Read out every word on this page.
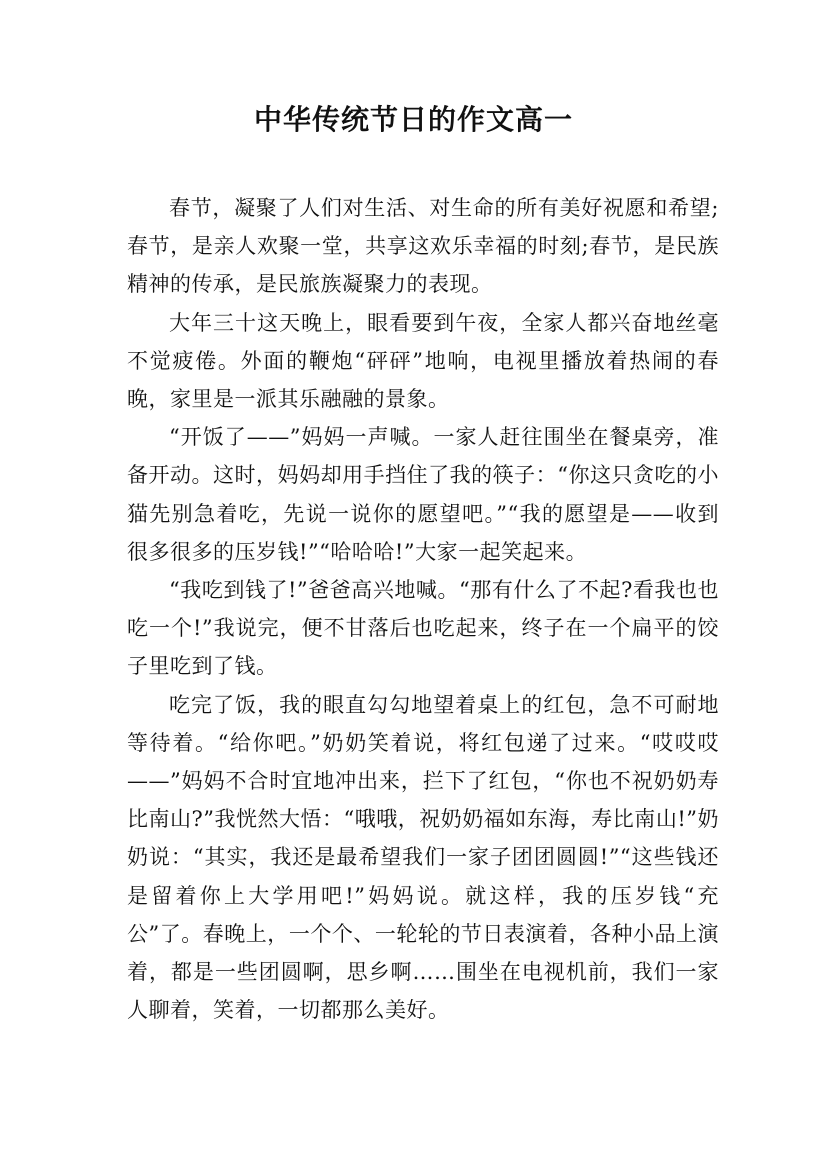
中华传统节日的作文高一

春节，凝聚了人们对生活、对生命的所有美好祝愿和希望;春节，是亲人欢聚一堂，共享这欢乐幸福的时刻;春节，是民族精神的传承，是民旅族凝聚力的表现。

大年三十这天晚上，眼看要到午夜，全家人都兴奋地丝毫不觉疲倦。外面的鞭炮“砰砰”地响，电视里播放着热闹的春晚，家里是一派其乐融融的景象。

“开饭了——”妈妈一声喊。一家人赶往围坐在餐桌旁，准备开动。这时，妈妈却用手挡住了我的筷子：“你这只贪吃的小猫先别急着吃，先说一说你的愿望吧。”“我的愿望是——收到很多很多的压岁钱!”“哈哈哈!”大家一起笑起来。

“我吃到钱了!”爸爸高兴地喊。“那有什么了不起?看我也也吃一个!”我说完，便不甘落后也吃起来，终子在一个扁平的饺子里吃到了钱。

吃完了饭，我的眼直勾勾地望着桌上的红包，急不可耐地等待着。“给你吧。”奶奶笑着说，将红包递了过来。“哎哎哎——”妈妈不合时宜地冲出来，拦下了红包，“你也不祝奶奶寿比南山?”我恍然大悟：“哦哦，祝奶奶福如东海，寿比南山!”奶奶说：“其实，我还是最希望我们一家子团团圆圆!”“这些钱还是留着你上大学用吧!”妈妈说。就这样，我的压岁钱“充公”了。春晚上，一个个、一轮轮的节日表演着，各种小品上演着，都是一些团圆啊，思乡啊……围坐在电视机前，我们一家人聊着，笑着，一切都那么美好。
